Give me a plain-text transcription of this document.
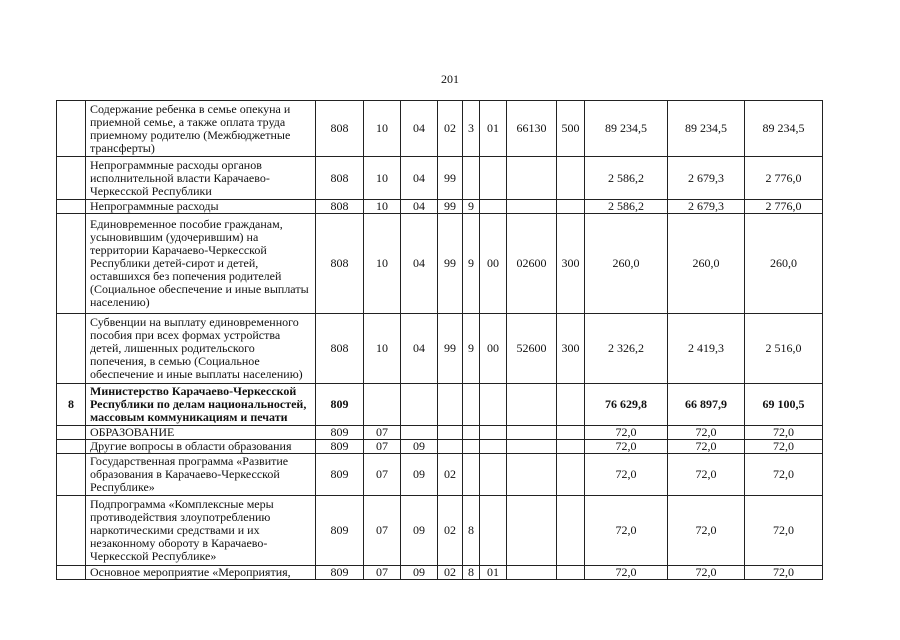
201
	Содержание ребенка в семье опекуна и приемной семье, а также оплата труда приемному родителю (Межбюджетные трансферты)	808	10	04	02	3	01	66130	500	89 234,5	89 234,5	89 234,5
	Непрограммные расходы органов исполнительной власти Карачаево-Черкесской Республики	808	10	04	99					2 586,2	2 679,3	2 776,0
	Непрограммные расходы	808	10	04	99	9				2 586,2	2 679,3	2 776,0
	Единовременное пособие гражданам, усыновившим (удочерившим) на территории Карачаево-Черкесской Республики детей-сирот и детей, оставшихся без попечения родителей (Социальное обеспечение и иные выплаты населению)	808	10	04	99	9	00	02600	300	260,0	260,0	260,0
	Субвенции на выплату единовременного пособия при всех формах устройства детей, лишенных родительского попечения, в семью (Социальное обеспечение и иные выплаты населению)	808	10	04	99	9	00	52600	300	2 326,2	2 419,3	2 516,0
8	Министерство Карачаево-Черкесской Республики по делам национальностей, массовым коммуникациям и печати	809								76 629,8	66 897,9	69 100,5
	ОБРАЗОВАНИЕ	809	07							72,0	72,0	72,0
	Другие вопросы в области образования	809	07	09						72,0	72,0	72,0
	Государственная программа «Развитие образования в Карачаево-Черкесской Республике»	809	07	09	02					72,0	72,0	72,0
	Подпрограмма «Комплексные меры противодействия злоупотреблению наркотическими средствами и их незаконному обороту в Карачаево-Черкесской Республике»	809	07	09	02	8				72,0	72,0	72,0
	Основное мероприятие «Мероприятия,	809	07	09	02	8	01			72,0	72,0	72,0
